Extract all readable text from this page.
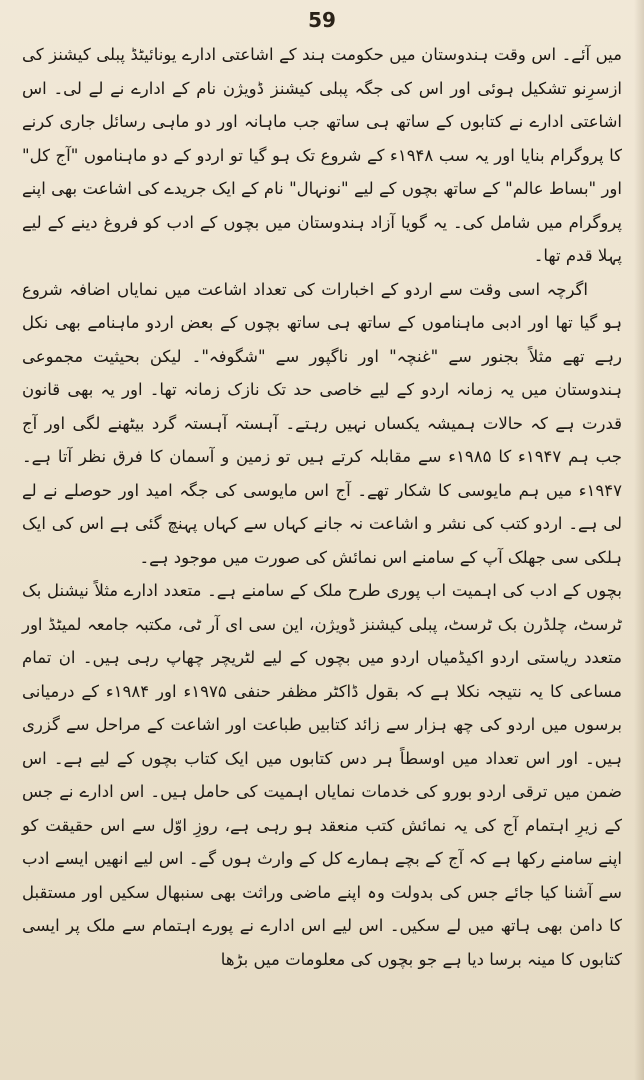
59

میں آئے۔ اس وقت ہندوستان میں حکومت ہند کے اشاعتی ادارے یونائیٹڈ پبلی کیشنز کی ازسرِنو تشکیل ہوئی اور اس کی جگہ پبلی کیشنز ڈویژن نام کے ادارے نے لے لی۔ اس اشاعتی ادارے نے کتابوں کے ساتھ ہی ساتھ جب ماہانہ اور دو ماہی رسائل جاری کرنے کا پروگرام بنایا اور یہ سب ۱۹۴۸ء کے شروع تک ہو گیا تو اردو کے دو ماہناموں "آج کل" اور "بساط عالم" کے ساتھ بچوں کے لیے "نونہال" نام کے ایک جریدے کی اشاعت بھی اپنے پروگرام میں شامل کی۔ یہ گویا آزاد ہندوستان میں بچوں کے ادب کو فروغ دینے کے لیے پہلا قدم تھا۔

اگرچہ اسی وقت سے اردو کے اخبارات کی تعداد اشاعت میں نمایاں اضافہ شروع ہو گیا تھا اور ادبی ماہناموں کے ساتھ ہی ساتھ بچوں کے بعض اردو ماہنامے بھی نکل رہے تھے مثلاً بجنور سے "غنچہ" اور ناگپور سے "شگوفہ"۔ لیکن بحیثیت مجموعی ہندوستان میں یہ زمانہ اردو کے لیے خاصی حد تک نازک زمانہ تھا۔ اور یہ بھی قانون قدرت ہے کہ حالات ہمیشہ یکساں نہیں رہتے۔ آہستہ آہستہ گرد بیٹھنے لگی اور آج جب ہم ۱۹۴۷ء کا ۱۹۸۵ء سے مقابلہ کرتے ہیں تو زمین و آسمان کا فرق نظر آتا ہے۔ ۱۹۴۷ء میں ہم مایوسی کا شکار تھے۔ آج اس مایوسی کی جگہ امید اور حوصلے نے لے لی ہے۔ اردو کتب کی نشر و اشاعت نہ جانے کہاں سے کہاں پہنچ گئی ہے اس کی ایک ہلکی سی جھلک آپ کے سامنے اس نمائش کی صورت میں موجود ہے۔

بچوں کے ادب کی اہمیت اب پوری طرح ملک کے سامنے ہے۔ متعدد ادارے مثلاً نیشنل بک ٹرسٹ، چلڈرن بک ٹرسٹ، پبلی کیشنز ڈویژن، این سی ای آر ٹی، مکتبہ جامعہ لمیٹڈ اور متعدد ریاستی اردو اکیڈمیاں اردو میں بچوں کے لیے لٹریچر چھاپ رہی ہیں۔ ان تمام مساعی کا یہ نتیجہ نکلا ہے کہ بقول ڈاکٹر مظفر حنفی ۱۹۷۵ء اور ۱۹۸۴ء کے درمیانی برسوں میں اردو کی چھ ہزار سے زائد کتابیں طباعت اور اشاعت کے مراحل سے گزری ہیں۔ اور اس تعداد میں اوسطاً ہر دس کتابوں میں ایک کتاب بچوں کے لیے ہے۔ اس ضمن میں ترقی اردو بورو کی خدمات نمایاں اہمیت کی حامل ہیں۔ اس ادارے نے جس کے زیرِ اہتمام آج کی یہ نمائش کتب منعقد ہو رہی ہے، روزِ اوّل سے اس حقیقت کو اپنے سامنے رکھا ہے کہ آج کے بچے ہمارے کل کے وارث ہوں گے۔ اس لیے انھیں ایسے ادب سے آشنا کیا جائے جس کی بدولت وہ اپنے ماضی وراثت بھی سنبھال سکیں اور مستقبل کا دامن بھی ہاتھ میں لے سکیں۔ اس لیے اس ادارے نے پورے اہتمام سے ملک پر ایسی کتابوں کا مینہ برسا دیا ہے جو بچوں کی معلومات میں بڑھا
